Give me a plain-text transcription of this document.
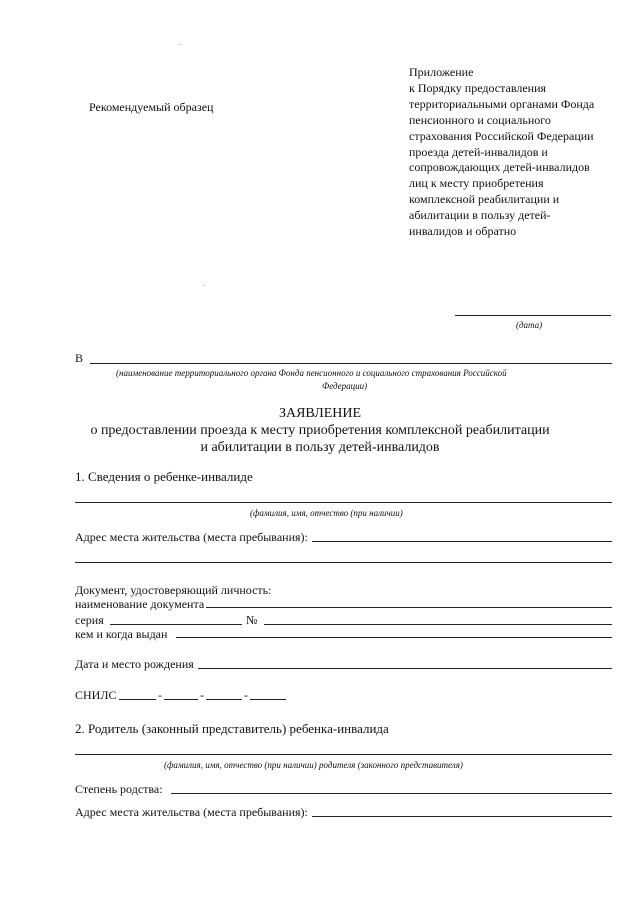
Рекомендуемый образец
Приложение
к Порядку предоставления
территориальными органами Фонда
пенсионного и социального
страхования Российской Федерации
проезда детей-инвалидов и
сопровождающих детей-инвалидов
лиц к месту приобретения
комплексной реабилитации и
абилитации в пользу детей-
инвалидов и обратно
(дата)
В
(наименование территориального органа Фонда пенсионного и социального страхования Российской
Федерации)
ЗАЯВЛЕНИЕ
о предоставлении проезда к месту приобретения комплексной реабилитации
и абилитации в пользу детей-инвалидов
1. Сведения о ребенке-инвалиде
(фамилия, имя, отчество (при наличии)
Адрес места жительства (места пребывания):
Документ, удостоверяющий личность:
наименование документа
серия	№
кем и когда выдан
Дата и место рождения
СНИЛС	-	-	-
2. Родитель (законный представитель) ребенка-инвалида
(фамилия, имя, отчество (при наличии) родителя (законного представителя)
Степень родства:
Адрес места жительства (места пребывания):
